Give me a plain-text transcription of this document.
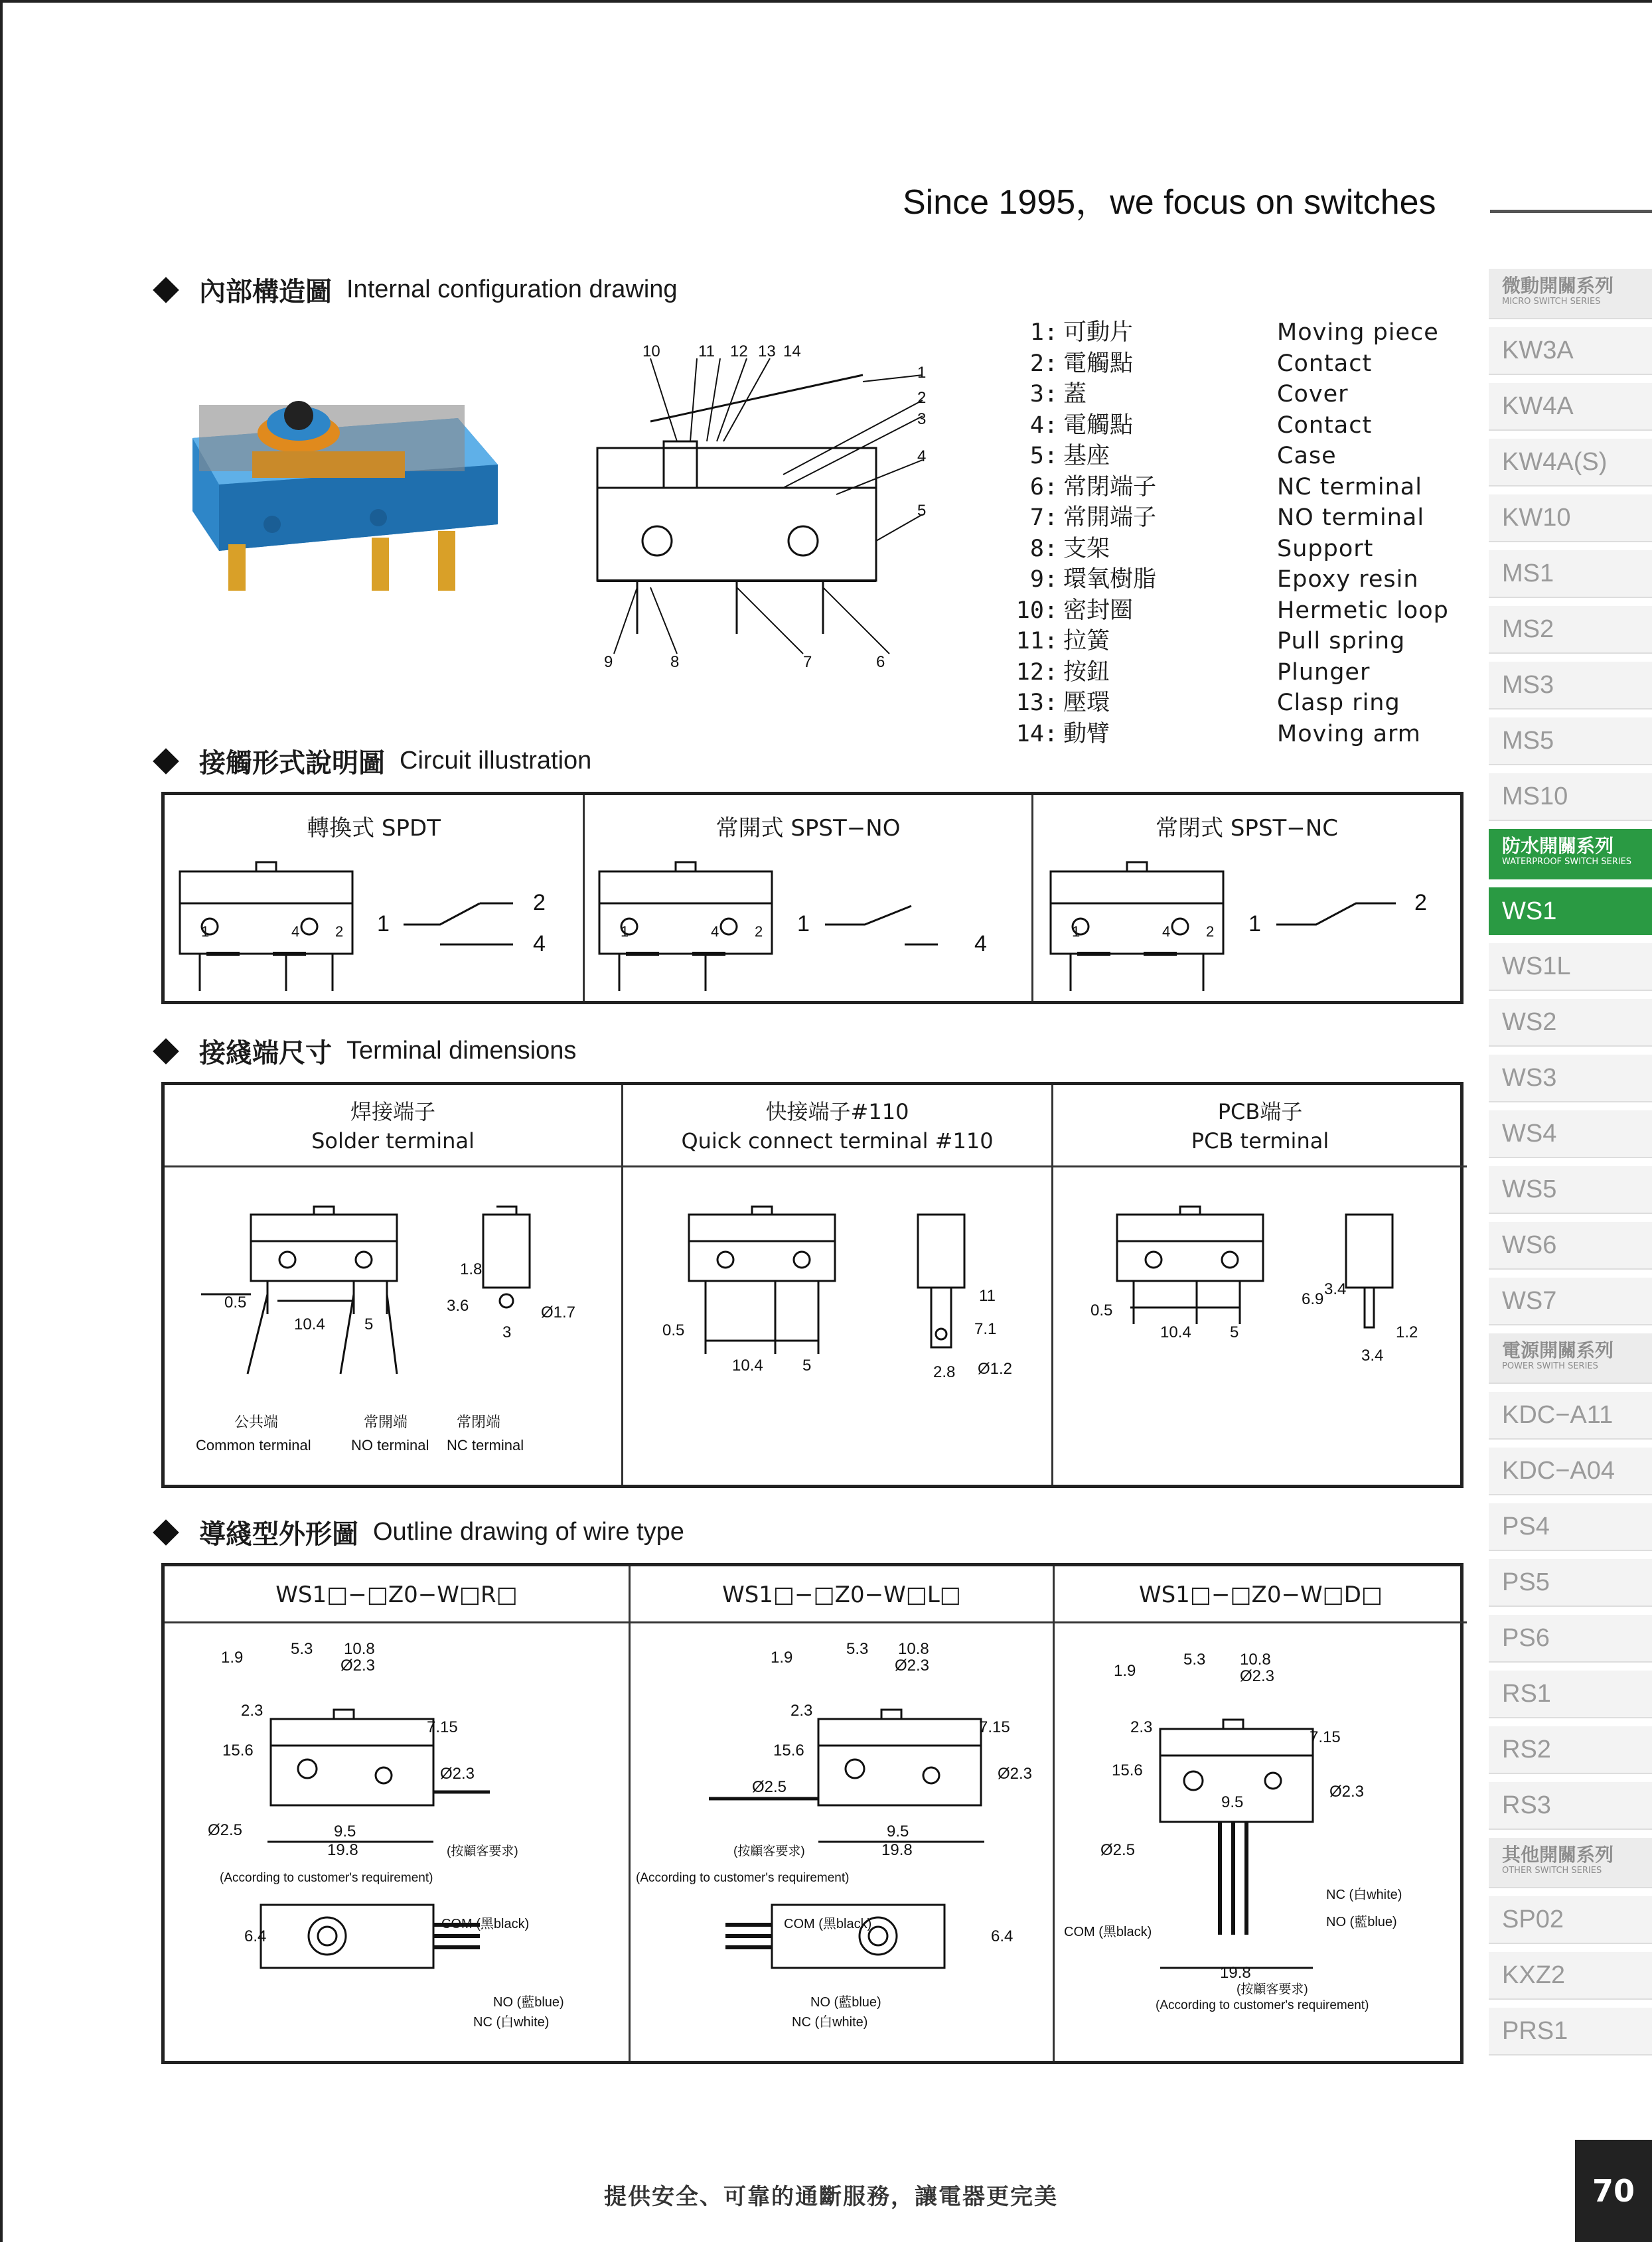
Since 1995，we focus on switches
內部構造圖 Internal configuration drawing
10 11 12 13 14
1
2
3
4
5
9	8	7	6
1: 可動片	Moving piece
2: 電觸點	Contact
3: 蓋	Cover
4: 電觸點	Contact
5: 基座	Case
6: 常閉端子	NC terminal
7: 常開端子	NO terminal
8: 支架	Support
9: 環氧樹脂	Epoxy resin
10: 密封圈	Hermetic loop
11: 拉簧	Pull spring
12: 按鈕	Plunger
13: 壓環	Clasp ring
14: 動臂	Moving arm
接觸形式說明圖 Circuit illustration
轉換式 SPDT	常開式 SPST−NO	常閉式 SPST−NC
1
2
4
1
4
1
2
1	4 2	1	4 2	1	4 2
接綫端尺寸 Terminal dimensions
焊接端子
Solder terminal
快接端子#110
Quick connect terminal #110
PCB端子
PCB terminal
0.5
10.4 5
3.6
1.8
Ø1.7
3	0.5
10.4 5
7.1
11
2.8 Ø1.2
0.5
10.4 5
6.9
3.4
3.4
1.2
公共端
Common terminal
常開端
NO terminal
常閉端
NC terminal
導綫型外形圖 Outline drawing of wire type
WS1□−□Z0−W□R□	WS1□−□Z0−W□L□	WS1□−□Z0−W□D□
5.3 10.8
Ø2.3
1.9
2.3
15.6
7.15
Ø2.3
Ø2.5	9.5
19.8
6.4
5.3 10.8
Ø2.3
1.9
2.3
15.6
7.15
Ø2.3
Ø2.5
9.5
19.8
6.4
5.3 10.8
Ø2.3
1.9
2.3
15.6
7.15
9.5
Ø2.3
Ø2.5
19.8
(按顧客要求)
(According to customer's requirement)
(按顧客要求)
(According to customer's requirement)
(按顧客要求)
(According to customer's requirement)
COM (黑black)
NO (藍blue)
NC (白white)
COM (黑black)
NO (藍blue)
NC (白white)
COM (黑black)
NC (白white)
NO (藍blue)
微動開關系列
MICRO SWITCH SERIES
KW3A
KW4A
KW4A(S)
KW10
MS1
MS2
MS3
MS5
MS10
防水開關系列
WATERPROOF SWITCH SERIES
WS1
WS1L
WS2
WS3
WS4
WS5
WS6
WS7
電源開關系列
POWER SWITH SERIES
KDC−A11
KDC−A04
PS4
PS5
PS6
RS1
RS2
RS3
其他開關系列
OTHER SWITCH SERIES
SP02
KXZ2
PRS1
提供安全、可靠的通斷服務，讓電器更完美	70
